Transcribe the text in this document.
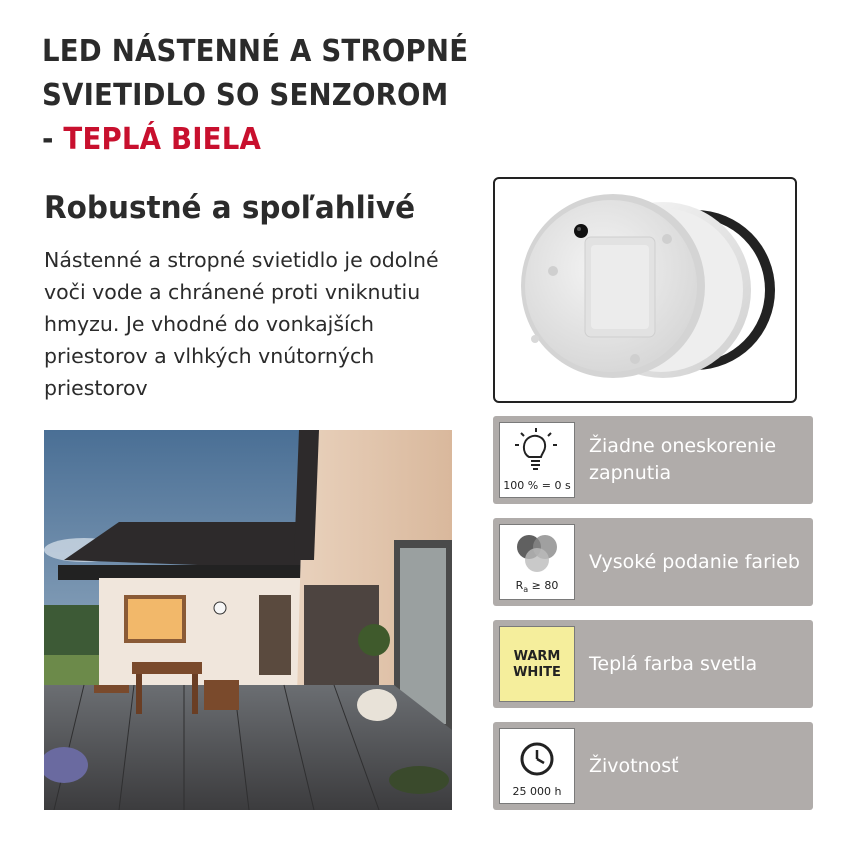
LED NÁSTENNÉ A STROPNÉ
SVIETIDLO SO SENZOROM
- TEPLÁ BIELA
Robustné a spoľahlivé
Nástenné a stropné svietidlo je odolné voči vode a chránené proti vniknutiu hmyzu. Je vhodné do vonkajších priestorov a vlhkých vnútorných priestorov
100 % = 0 s
Žiadne oneskorenie zapnutia
$R_a \ge 80$
Vysoké podanie farieb
WARM
WHITE	Teplá farba svetla
25 000 h
Životnosť
